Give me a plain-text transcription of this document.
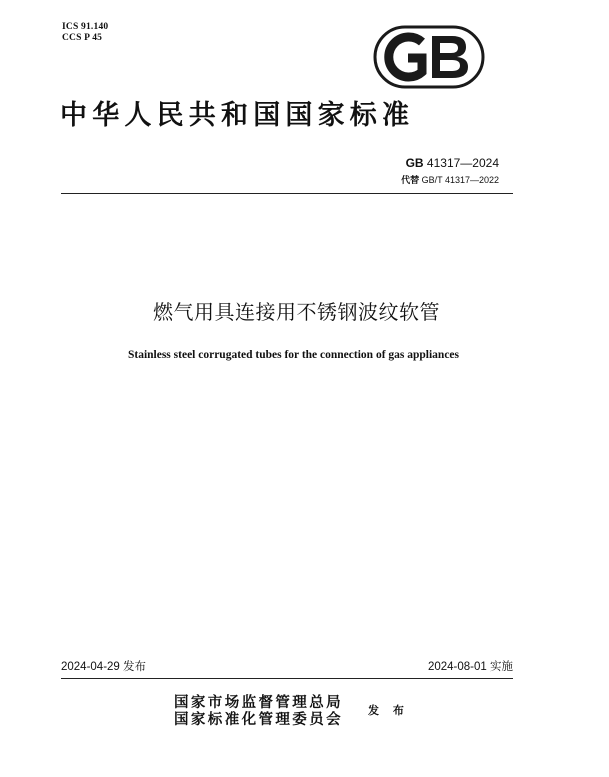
ICS 91.140
CCS P 45
中华人民共和国国家标准
GB 41317—2024
代替 GB/T 41317—2022
燃气用具连接用不锈钢波纹软管
Stainless steel corrugated tubes for the connection of gas appliances
2024-04-29 发布	2024-08-01 实施
国家市场监督管理总局
国家标准化管理委员会
发 布
